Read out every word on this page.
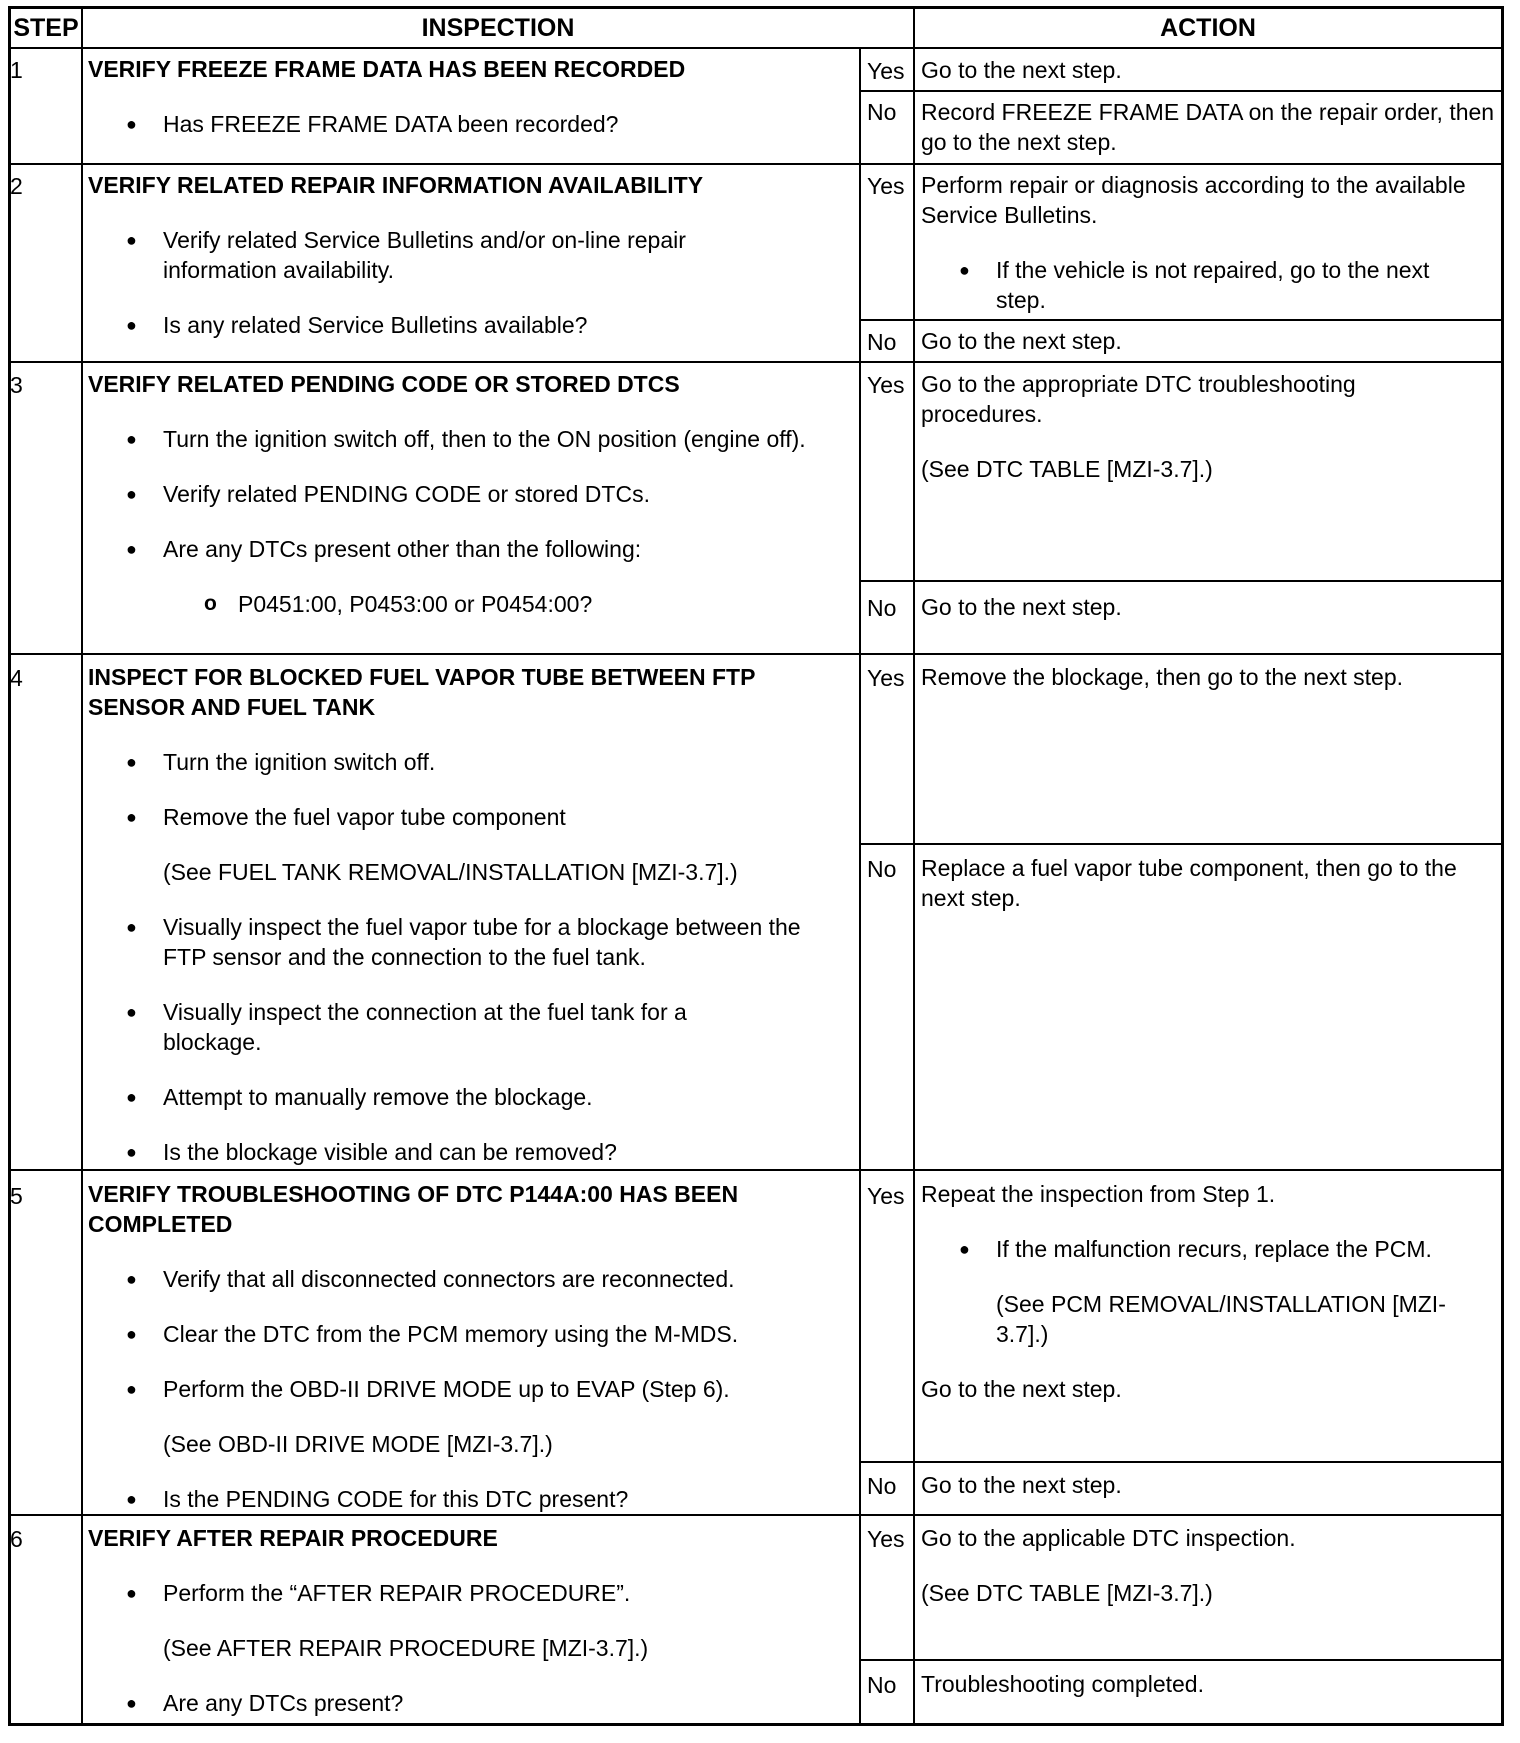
STEP	INSPECTION	ACTION
1	VERIFY FREEZE FRAME DATA HAS BEEN RECORDED
● Has FREEZE FRAME DATA been recorded?
Yes Go to the next step.

No Record FREEZE FRAME DATA on the repair order, then go to the next step.

2	VERIFY RELATED REPAIR INFORMATION AVAILABILITY
● Verify related Service Bulletins and/or on-line repair information availability.
● Is any related Service Bulletins available?
Yes Perform repair or diagnosis according to the available Service Bulletins.

● If the vehicle is not repaired, go to the next step.
No Go to the next step.

3	VERIFY RELATED PENDING CODE OR STORED DTCS
● Turn the ignition switch off, then to the ON position (engine off).
● Verify related PENDING CODE or stored DTCs.
● Are any DTCs present other than the following:
o P0451:00, P0453:00 or P0454:00?
Yes Go to the appropriate DTC troubleshooting procedures.

(See DTC TABLE [MZI-3.7].)

No Go to the next step.

4	INSPECT FOR BLOCKED FUEL VAPOR TUBE BETWEEN FTP SENSOR AND FUEL TANK
● Turn the ignition switch off.
● Remove the fuel vapor tube component
(See FUEL TANK REMOVAL/INSTALLATION [MZI-3.7].)
● Visually inspect the fuel vapor tube for a blockage between the FTP sensor and the connection to the fuel tank.
● Visually inspect the connection at the fuel tank for a blockage.
● Attempt to manually remove the blockage.
● Is the blockage visible and can be removed?
Yes Remove the blockage, then go to the next step.

No Replace a fuel vapor tube component, then go to the next step.

5	VERIFY TROUBLESHOOTING OF DTC P144A:00 HAS BEEN COMPLETED
● Verify that all disconnected connectors are reconnected.
● Clear the DTC from the PCM memory using the M-MDS.
● Perform the OBD-II DRIVE MODE up to EVAP (Step 6).
(See OBD-II DRIVE MODE [MZI-3.7].)
● Is the PENDING CODE for this DTC present?
Yes Repeat the inspection from Step 1.

● If the malfunction recurs, replace the PCM.
(See PCM REMOVAL/INSTALLATION [MZI-3.7].)

Go to the next step.

No Go to the next step.

6	VERIFY AFTER REPAIR PROCEDURE
● Perform the “AFTER REPAIR PROCEDURE”.
(See AFTER REPAIR PROCEDURE [MZI-3.7].)
● Are any DTCs present?
Yes Go to the applicable DTC inspection.

(See DTC TABLE [MZI-3.7].)

No Troubleshooting completed.
